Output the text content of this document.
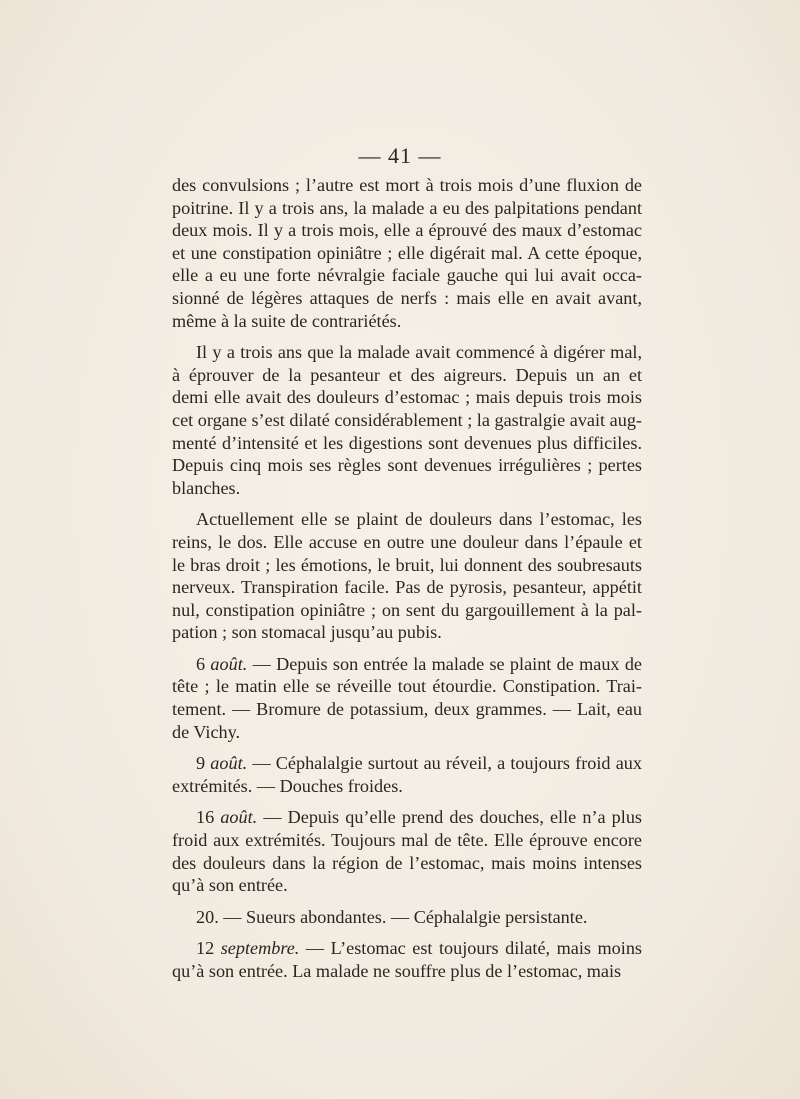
— 41 —
des convulsions ; l’autre est mort à trois mois d’une fluxion de
poitrine. Il y a trois ans, la malade a eu des palpitations pendant
deux mois. Il y a trois mois, elle a éprouvé des maux d’estomac
et une constipation opiniâtre ; elle digérait mal. A cette époque,
elle a eu une forte névralgie faciale gauche qui lui avait occa-
sionné de légères attaques de nerfs : mais elle en avait avant,
même à la suite de contrariétés.
Il y a trois ans que la malade avait commencé à digérer mal,
à éprouver de la pesanteur et des aigreurs. Depuis un an et
demi elle avait des douleurs d’estomac ; mais depuis trois mois
cet organe s’est dilaté considérablement ; la gastralgie avait aug-
menté d’intensité et les digestions sont devenues plus difficiles.
Depuis cinq mois ses règles sont devenues irrégulières ; pertes
blanches.
Actuellement elle se plaint de douleurs dans l’estomac, les
reins, le dos. Elle accuse en outre une douleur dans l’épaule et
le bras droit ; les émotions, le bruit, lui donnent des soubresauts
nerveux. Transpiration facile. Pas de pyrosis, pesanteur, appétit
nul, constipation opiniâtre ; on sent du gargouillement à la pal-
pation ; son stomacal jusqu’au pubis.
6 août. — Depuis son entrée la malade se plaint de maux de
tête ; le matin elle se réveille tout étourdie. Constipation. Trai-
tement. — Bromure de potassium, deux grammes. — Lait, eau
de Vichy.
9 août. — Céphalalgie surtout au réveil, a toujours froid aux
extrémités. — Douches froides.
16 août. — Depuis qu’elle prend des douches, elle n’a plus
froid aux extrémités. Toujours mal de tête. Elle éprouve encore
des douleurs dans la région de l’estomac, mais moins intenses
qu’à son entrée.
20. — Sueurs abondantes. — Céphalalgie persistante.
12 septembre. — L’estomac est toujours dilaté, mais moins
qu’à son entrée. La malade ne souffre plus de l’estomac, mais
